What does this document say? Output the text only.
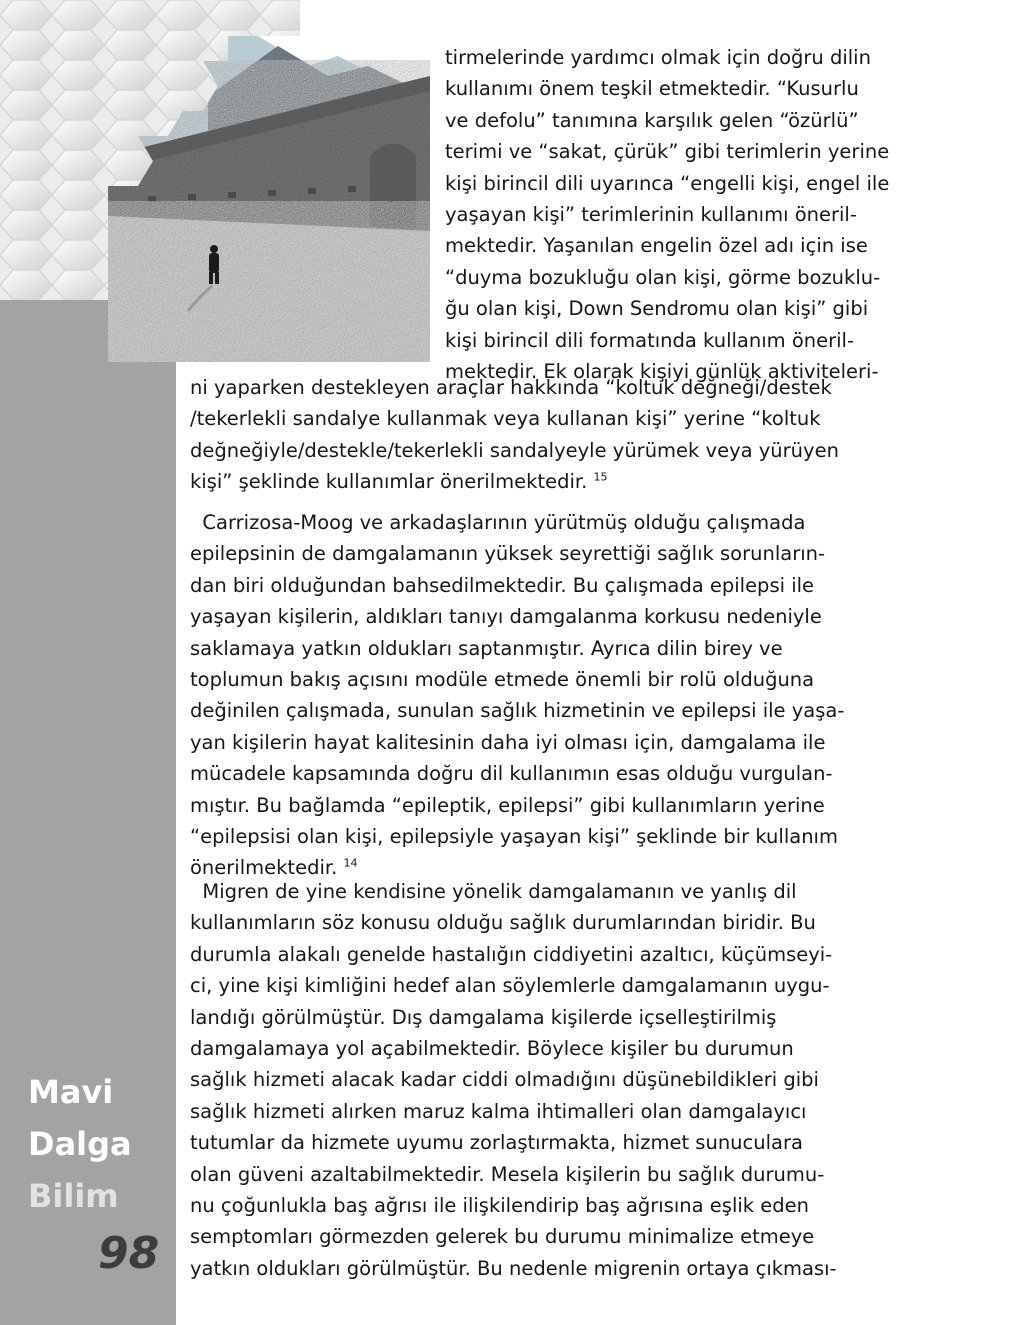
tirmelerinde yardımcı olmak için doğru dilin
kullanımı önem teşkil etmektedir. “Kusurlu
ve defolu” tanımına karşılık gelen “özürlü”
terimi ve “sakat, çürük” gibi terimlerin yerine
kişi birincil dili uyarınca “engelli kişi, engel ile
yaşayan kişi” terimlerinin kullanımı öneril-
mektedir. Yaşanılan engelin özel adı için ise
“duyma bozukluğu olan kişi, görme bozuklu-
ğu olan kişi, Down Sendromu olan kişi” gibi
kişi birincil dili formatında kullanım öneril-
mektedir. Ek olarak kişiyi günlük aktiviteleri-
ni yaparken destekleyen araçlar hakkında “koltuk değneği/destek
/tekerlekli sandalye kullanmak veya kullanan kişi” yerine “koltuk
değneğiyle/destekle/tekerlekli sandalyeyle yürümek veya yürüyen
kişi” şeklinde kullanımlar önerilmektedir. $^{15}$
Carrizosa-Moog ve arkadaşlarının yürütmüş olduğu çalışmada
epilepsinin de damgalamanın yüksek seyrettiği sağlık sorunların-
dan biri olduğundan bahsedilmektedir. Bu çalışmada epilepsi ile
yaşayan kişilerin, aldıkları tanıyı damgalanma korkusu nedeniyle
saklamaya yatkın oldukları saptanmıştır. Ayrıca dilin birey ve
toplumun bakış açısını modüle etmede önemli bir rolü olduğuna
değinilen çalışmada, sunulan sağlık hizmetinin ve epilepsi ile yaşa-
yan kişilerin hayat kalitesinin daha iyi olması için, damgalama ile
mücadele kapsamında doğru dil kullanımın esas olduğu vurgulan-
mıştır. Bu bağlamda “epileptik, epilepsi” gibi kullanımların yerine
“epilepsisi olan kişi, epilepsiyle yaşayan kişi” şeklinde bir kullanım
önerilmektedir. $^{14}$
Migren de yine kendisine yönelik damgalamanın ve yanlış dil
kullanımların söz konusu olduğu sağlık durumlarından biridir. Bu
durumla alakalı genelde hastalığın ciddiyetini azaltıcı, küçümseyi-
ci, yine kişi kimliğini hedef alan söylemlerle damgalamanın uygu-
landığı görülmüştür. Dış damgalama kişilerde içselleştirilmiş
damgalamaya yol açabilmektedir. Böylece kişiler bu durumun
sağlık hizmeti alacak kadar ciddi olmadığını düşünebildikleri gibi
sağlık hizmeti alırken maruz kalma ihtimalleri olan damgalayıcı
tutumlar da hizmete uyumu zorlaştırmakta, hizmet sunuculara
olan güveni azaltabilmektedir. Mesela kişilerin bu sağlık durumu-
nu çoğunlukla baş ağrısı ile ilişkilendirip baş ağrısına eşlik eden
semptomları görmezden gelerek bu durumu minimalize etmeye
yatkın oldukları görülmüştür. Bu nedenle migrenin ortaya çıkması-
Mavi
Dalga
Bilim
98
